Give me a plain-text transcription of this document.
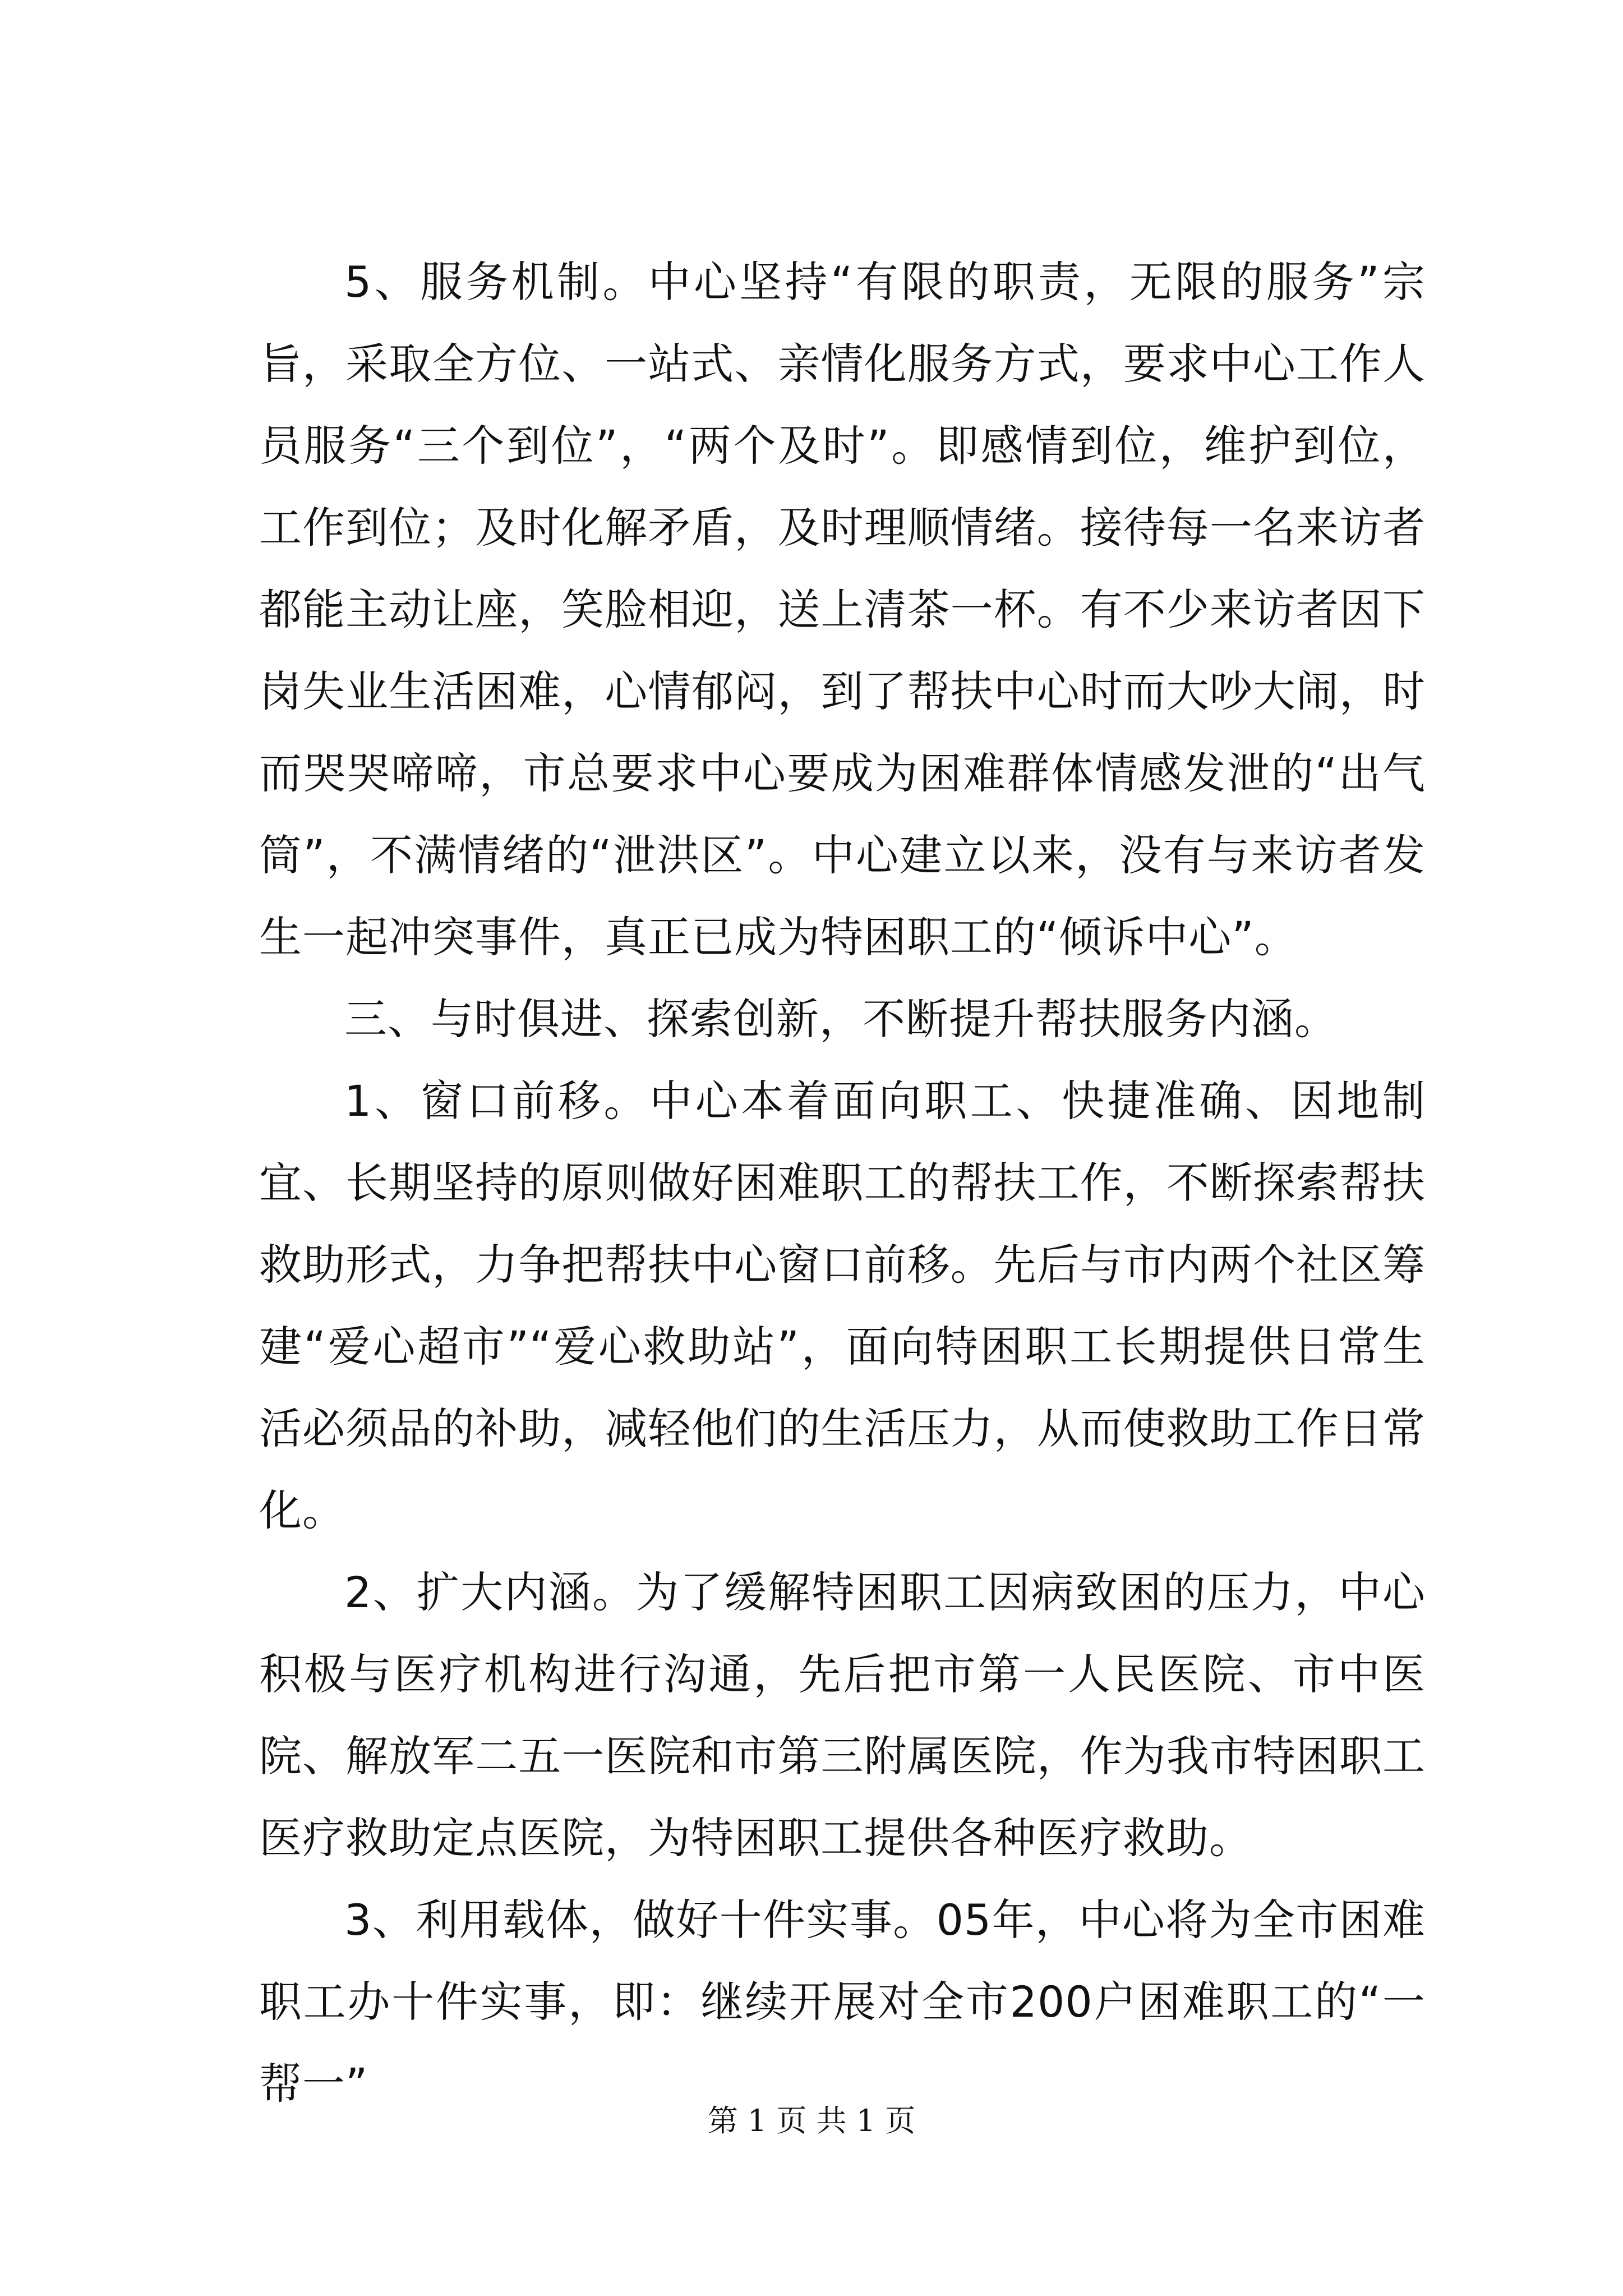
5、服务机制。中心坚持“有限的职责，无限的服务”宗旨，采取全方位、一站式、亲情化服务方式，要求中心工作人员服务“三个到位”，“两个及时”。即感情到位，维护到位，工作到位；及时化解矛盾，及时理顺情绪。接待每一名来访者都能主动让座，笑脸相迎，送上清茶一杯。有不少来访者因下岗失业生活困难，心情郁闷，到了帮扶中心时而大吵大闹，时而哭哭啼啼，市总要求中心要成为困难群体情感发泄的“出气筒”，不满情绪的“泄洪区”。中心建立以来，没有与来访者发生一起冲突事件，真正已成为特困职工的“倾诉中心”。

三、与时俱进、探索创新，不断提升帮扶服务内涵。

1、窗口前移。中心本着面向职工、快捷准确、因地制宜、长期坚持的原则做好困难职工的帮扶工作，不断探索帮扶救助形式，力争把帮扶中心窗口前移。先后与市内两个社区筹建“爱心超市”“爱心救助站”，面向特困职工长期提供日常生活必须品的补助，减轻他们的生活压力，从而使救助工作日常化。

2、扩大内涵。为了缓解特困职工因病致困的压力，中心积极与医疗机构进行沟通，先后把市第一人民医院、市中医院、解放军二五一医院和市第三附属医院，作为我市特困职工医疗救助定点医院，为特困职工提供各种医疗救助。

3、利用载体，做好十件实事。05年，中心将为全市困难职工办十件实事，即：继续开展对全市200户困难职工的“一帮一”

第 1 页 共 1 页
